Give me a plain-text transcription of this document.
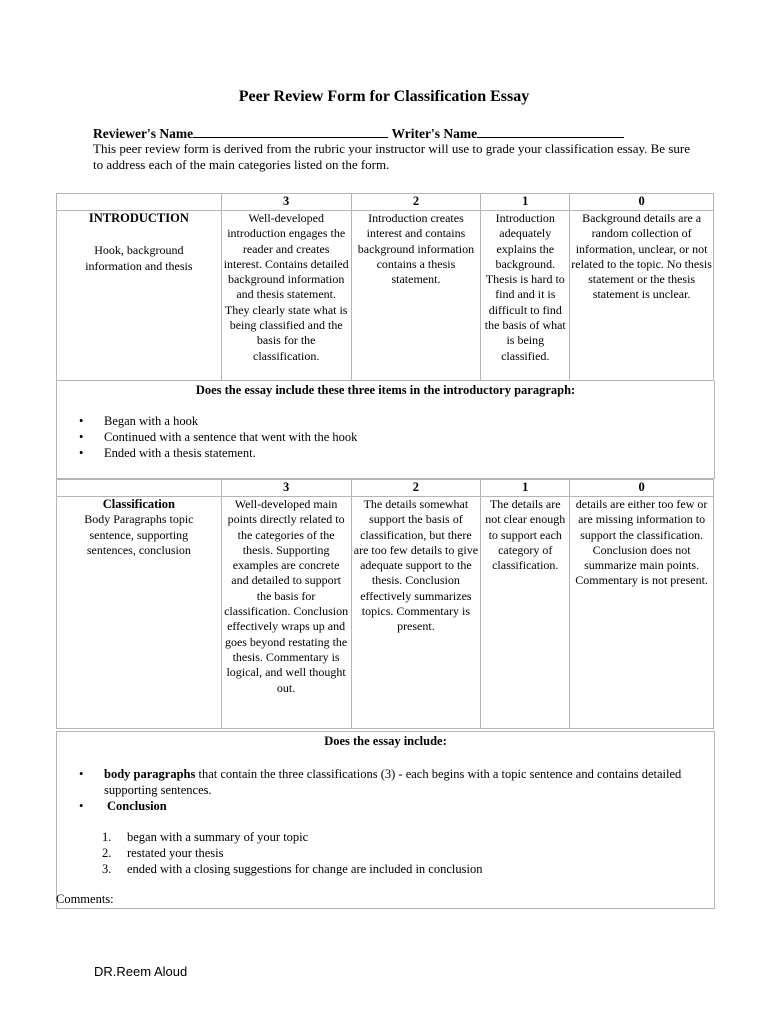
Peer Review Form for Classification Essay
Reviewer's Name	Writer's Name
This peer review form is derived from the rubric your instructor will use to grade your classification essay. Be sure to address each of the main categories listed on the form.
	3	2	1	0

INTRODUCTION
Hook, background information and thesis	Well-developed introduction engages the reader and creates interest. Contains detailed background information and thesis statement. They clearly state what is being classified and the basis for the classification.	Introduction creates interest and contains background information contains a thesis statement.	Introduction adequately explains the background. Thesis is hard to find and it is difficult to find the basis of what is being classified.	Background details are a random collection of information, unclear, or not related to the topic. No thesis statement or the thesis statement is unclear.
Does the essay include these three items in the introductory paragraph:
• Began with a hook
• Continued with a sentence that went with the hook
• Ended with a thesis statement.
	3	2	1	0

Classification
Body Paragraphs topic sentence, supporting sentences, conclusion	Well-developed main points directly related to the categories of the thesis. Supporting examples are concrete and detailed to support the basis for classification. Conclusion effectively wraps up and goes beyond restating the thesis. Commentary is logical, and well thought out.	The details somewhat support the basis of classification, but there are too few details to give adequate support to the thesis. Conclusion effectively summarizes topics. Commentary is present.	The details are not clear enough to support each category of classification.	details are either too few or are missing information to support the classification. Conclusion does not summarize main points. Commentary is not present.
Does the essay include:
• body paragraphs that contain the three classifications (3) - each begins with a topic sentence and contains detailed supporting sentences.
• Conclusion
1. began with a summary of your topic
2. restated your thesis
3. ended with a closing suggestions for change are included in conclusion
Comments:
DR.Reem Aloud
